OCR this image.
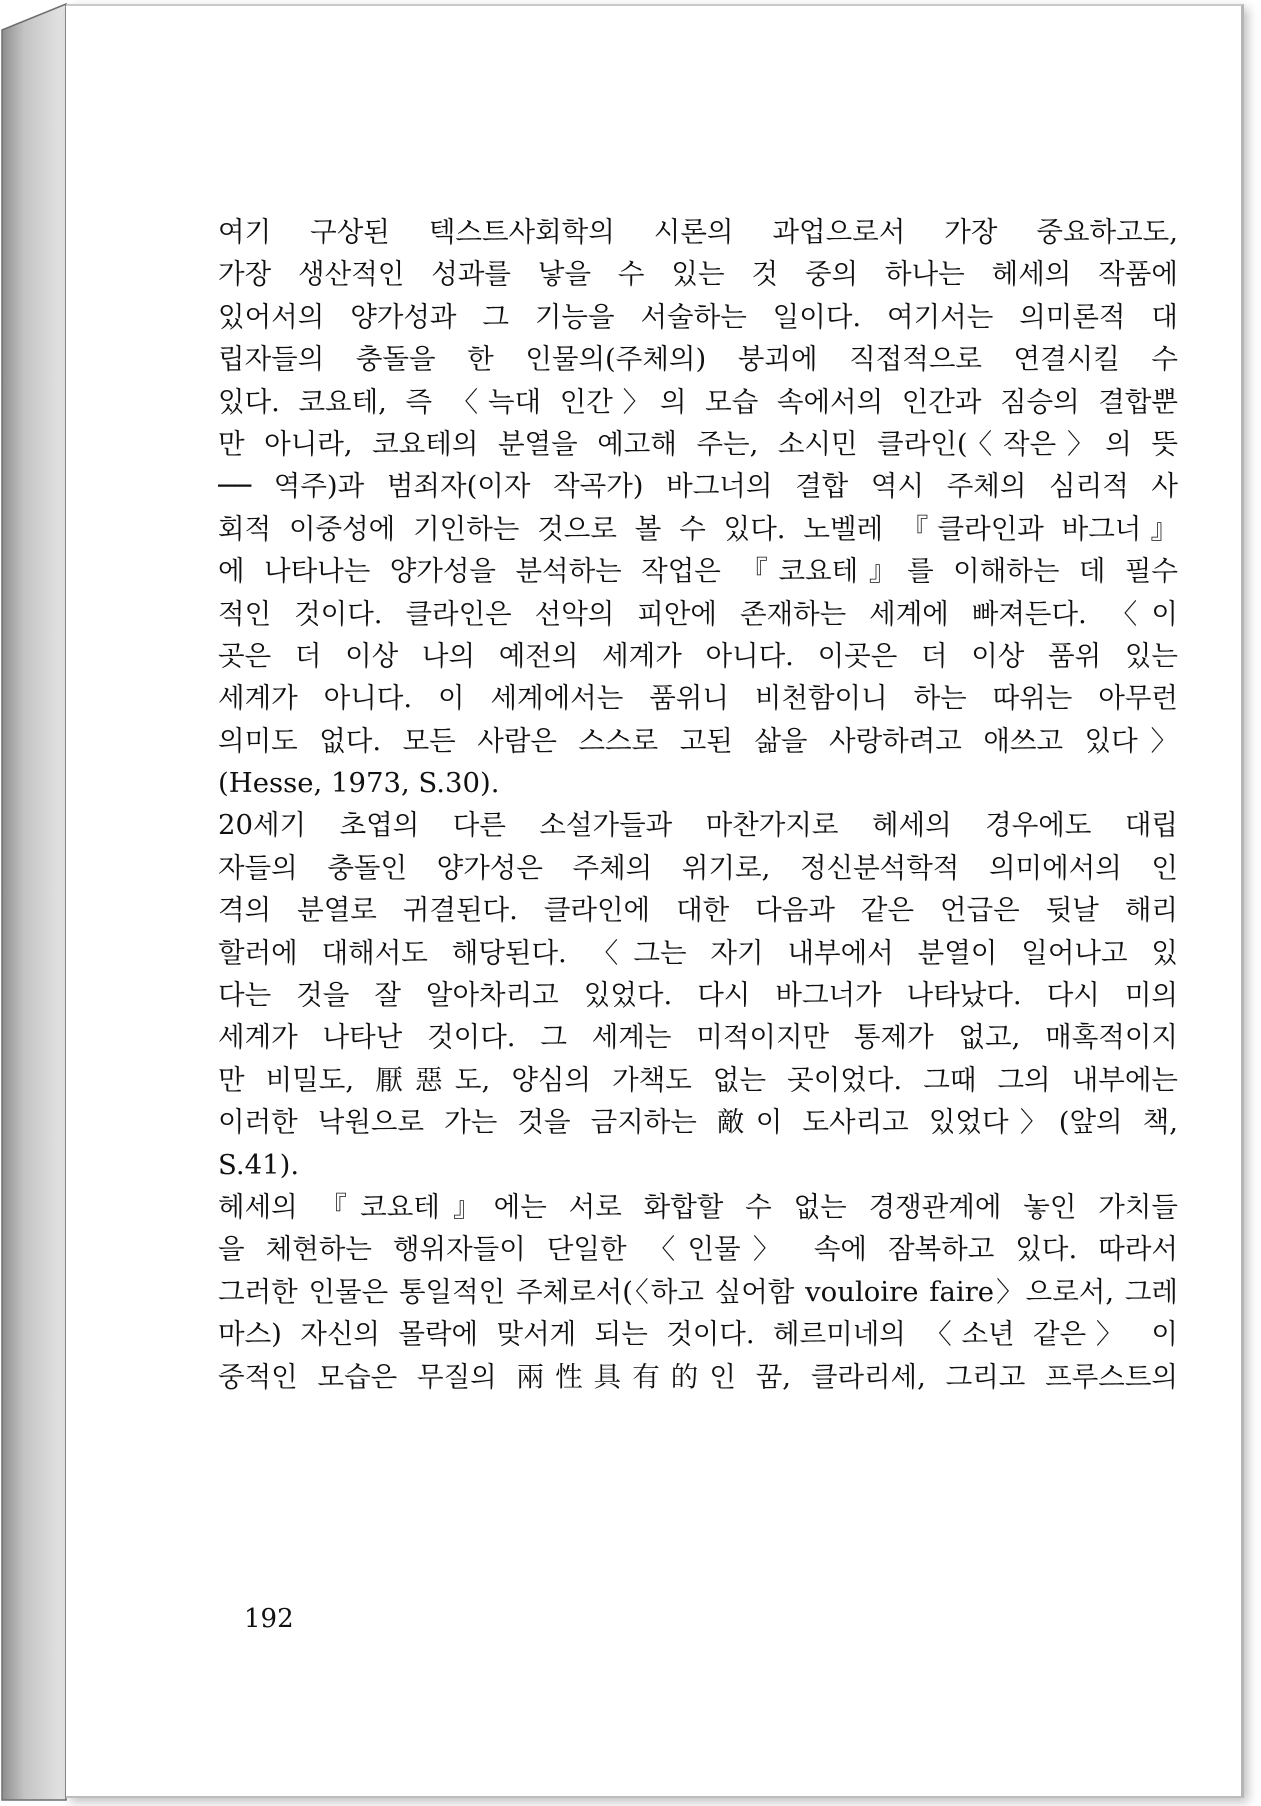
여기 구상된 텍스트사회학의 시론의 과업으로서 가장 중요하고도,
가장 생산적인 성과를 낳을 수 있는 것 중의 하나는 헤세의 작품에
있어서의 양가성과 그 기능을 서술하는 일이다. 여기서는 의미론적 대
립자들의 충돌을 한 인물의(주체의) 붕괴에 직접적으로 연결시킬 수
있다. 코요테, 즉 〈늑대 인간〉의 모습 속에서의 인간과 짐승의 결합뿐
만 아니라, 코요테의 분열을 예고해 주는, 소시민 클라인(〈작은〉의 뜻
── 역주)과 범죄자(이자 작곡가) 바그너의 결합 역시 주체의 심리적 사
회적 이중성에 기인하는 것으로 볼 수 있다. 노벨레 『클라인과 바그너』
에 나타나는 양가성을 분석하는 작업은 『코요테』를 이해하는 데 필수
적인 것이다. 클라인은 선악의 피안에 존재하는 세계에 빠져든다. 〈이
곳은 더 이상 나의 예전의 세계가 아니다. 이곳은 더 이상 품위 있는
세계가 아니다. 이 세계에서는 품위니 비천함이니 하는 따위는 아무런
의미도 없다. 모든 사람은 스스로 고된 삶을 사랑하려고 애쓰고 있다〉
(Hesse, 1973, S.30).
20세기 초엽의 다른 소설가들과 마찬가지로 헤세의 경우에도 대립
자들의 충돌인 양가성은 주체의 위기로, 정신분석학적 의미에서의 인
격의 분열로 귀결된다. 클라인에 대한 다음과 같은 언급은 뒷날 해리
할러에 대해서도 해당된다. 〈그는 자기 내부에서 분열이 일어나고 있
다는 것을 잘 알아차리고 있었다. 다시 바그너가 나타났다. 다시 미의
세계가 나타난 것이다. 그 세계는 미적이지만 통제가 없고, 매혹적이지
만 비밀도, 厭惡도, 양심의 가책도 없는 곳이었다. 그때 그의 내부에는
이러한 낙원으로 가는 것을 금지하는 敵이 도사리고 있었다〉(앞의 책,
S.41).
헤세의 『코요테』에는 서로 화합할 수 없는 경쟁관계에 놓인 가치들
을 체현하는 행위자들이 단일한 〈인물〉 속에 잠복하고 있다. 따라서
그러한 인물은 통일적인 주체로서(〈하고 싶어함 vouloire faire〉으로서, 그레
마스) 자신의 몰락에 맞서게 되는 것이다. 헤르미네의 〈소년 같은〉 이
중적인 모습은 무질의 兩性具有的인 꿈, 클라리세, 그리고 프루스트의
192
